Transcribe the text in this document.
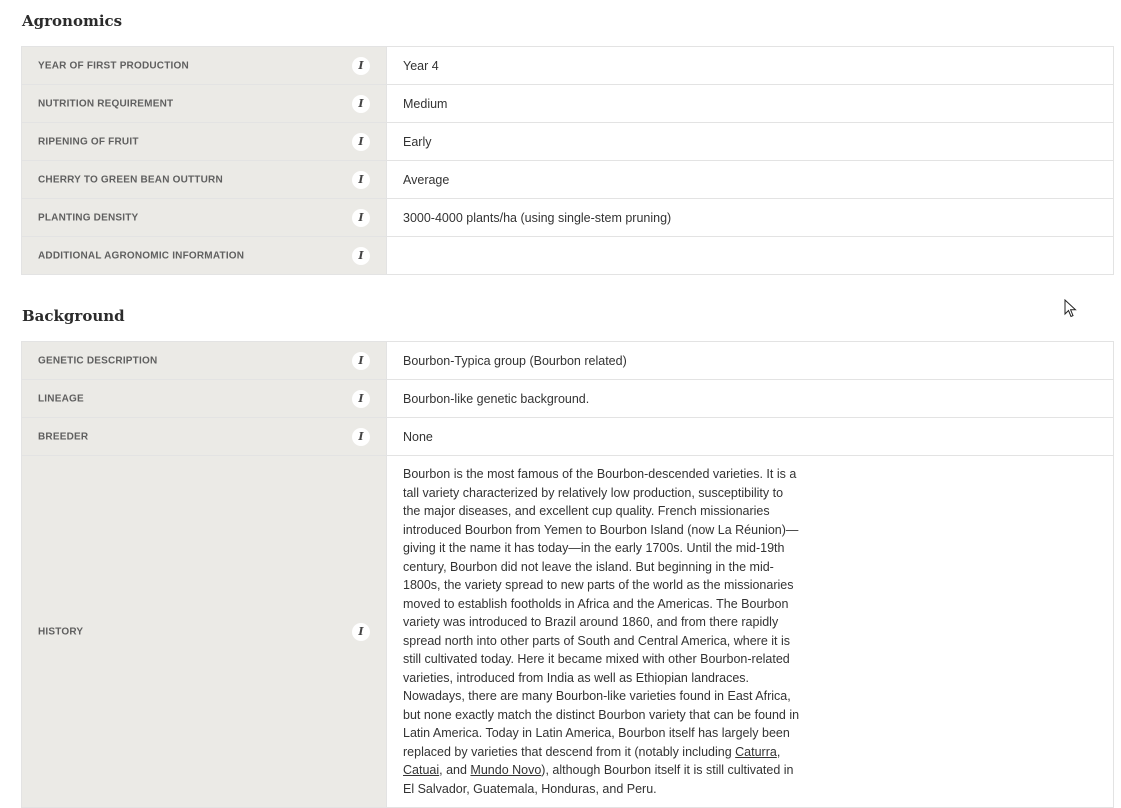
Agronomics
YEAR OF FIRST PRODUCTION I	Year 4

NUTRITION REQUIREMENT I	Medium

RIPENING OF FRUIT I	Early

CHERRY TO GREEN BEAN OUTTURN I	Average

PLANTING DENSITY I	3000-4000 plants/ha (using single-stem pruning)

ADDITIONAL AGRONOMIC INFORMATION I	

Background
GENETIC DESCRIPTION I	Bourbon-Typica group (Bourbon related)

LINEAGE I	Bourbon-like genetic background.

BREEDER I	None

HISTORY I	Bourbon is the most famous of the Bourbon-descended varieties. It is a tall variety characterized by relatively low production, susceptibility to the major diseases, and excellent cup quality. French missionaries introduced Bourbon from Yemen to Bourbon Island (now La Réunion)—giving it the name it has today—in the early 1700s. Until the mid-19th century, Bourbon did not leave the island. But beginning in the mid-1800s, the variety spread to new parts of the world as the missionaries moved to establish footholds in Africa and the Americas. The Bourbon variety was introduced to Brazil around 1860, and from there rapidly spread north into other parts of South and Central America, where it is still cultivated today. Here it became mixed with other Bourbon-related varieties, introduced from India as well as Ethiopian landraces. Nowadays, there are many Bourbon-like varieties found in East Africa, but none exactly match the distinct Bourbon variety that can be found in Latin America. Today in Latin America, Bourbon itself has largely been replaced by varieties that descend from it (notably including Caturra, Catuai, and Mundo Novo), although Bourbon itself it is still cultivated in El Salvador, Guatemala, Honduras, and Peru.
